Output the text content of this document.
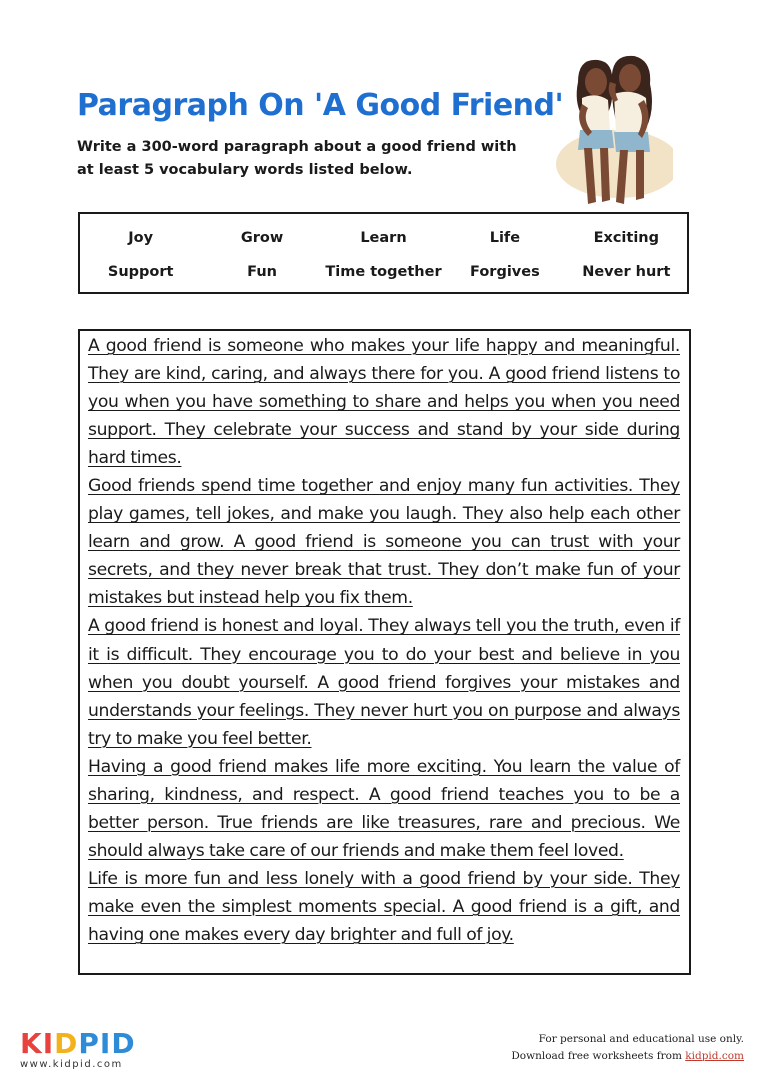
Paragraph On 'A Good Friend'
Write a 300-word paragraph about a good friend with at least 5 vocabulary words listed below.
Joy	Grow	Learn	Life	Exciting
Support	Fun	Time together	Forgives	Never hurt

A good friend is someone who makes your life happy and meaningful. They are kind, caring, and always there for you. A good friend listens to you when you have something to share and helps you when you need support. They celebrate your success and stand by your side during hard times.

Good friends spend time together and enjoy many fun activities. They play games, tell jokes, and make you laugh. They also help each other learn and grow. A good friend is someone you can trust with your secrets, and they never break that trust. They don’t make fun of your mistakes but instead help you fix them.

A good friend is honest and loyal. They always tell you the truth, even if it is difficult. They encourage you to do your best and believe in you when you doubt yourself. A good friend forgives your mistakes and understands your feelings. They never hurt you on purpose and always try to make you feel better.

Having a good friend makes life more exciting. You learn the value of sharing, kindness, and respect. A good friend teaches you to be a better person. True friends are like treasures, rare and precious. We should always take care of our friends and make them feel loved.

Life is more fun and less lonely with a good friend by your side. They make even the simplest moments special. A good friend is a gift, and having one makes every day brighter and full of joy.

KIDPID
www.kidpid.com
For personal and educational use only.
Download free worksheets from kidpid.com
